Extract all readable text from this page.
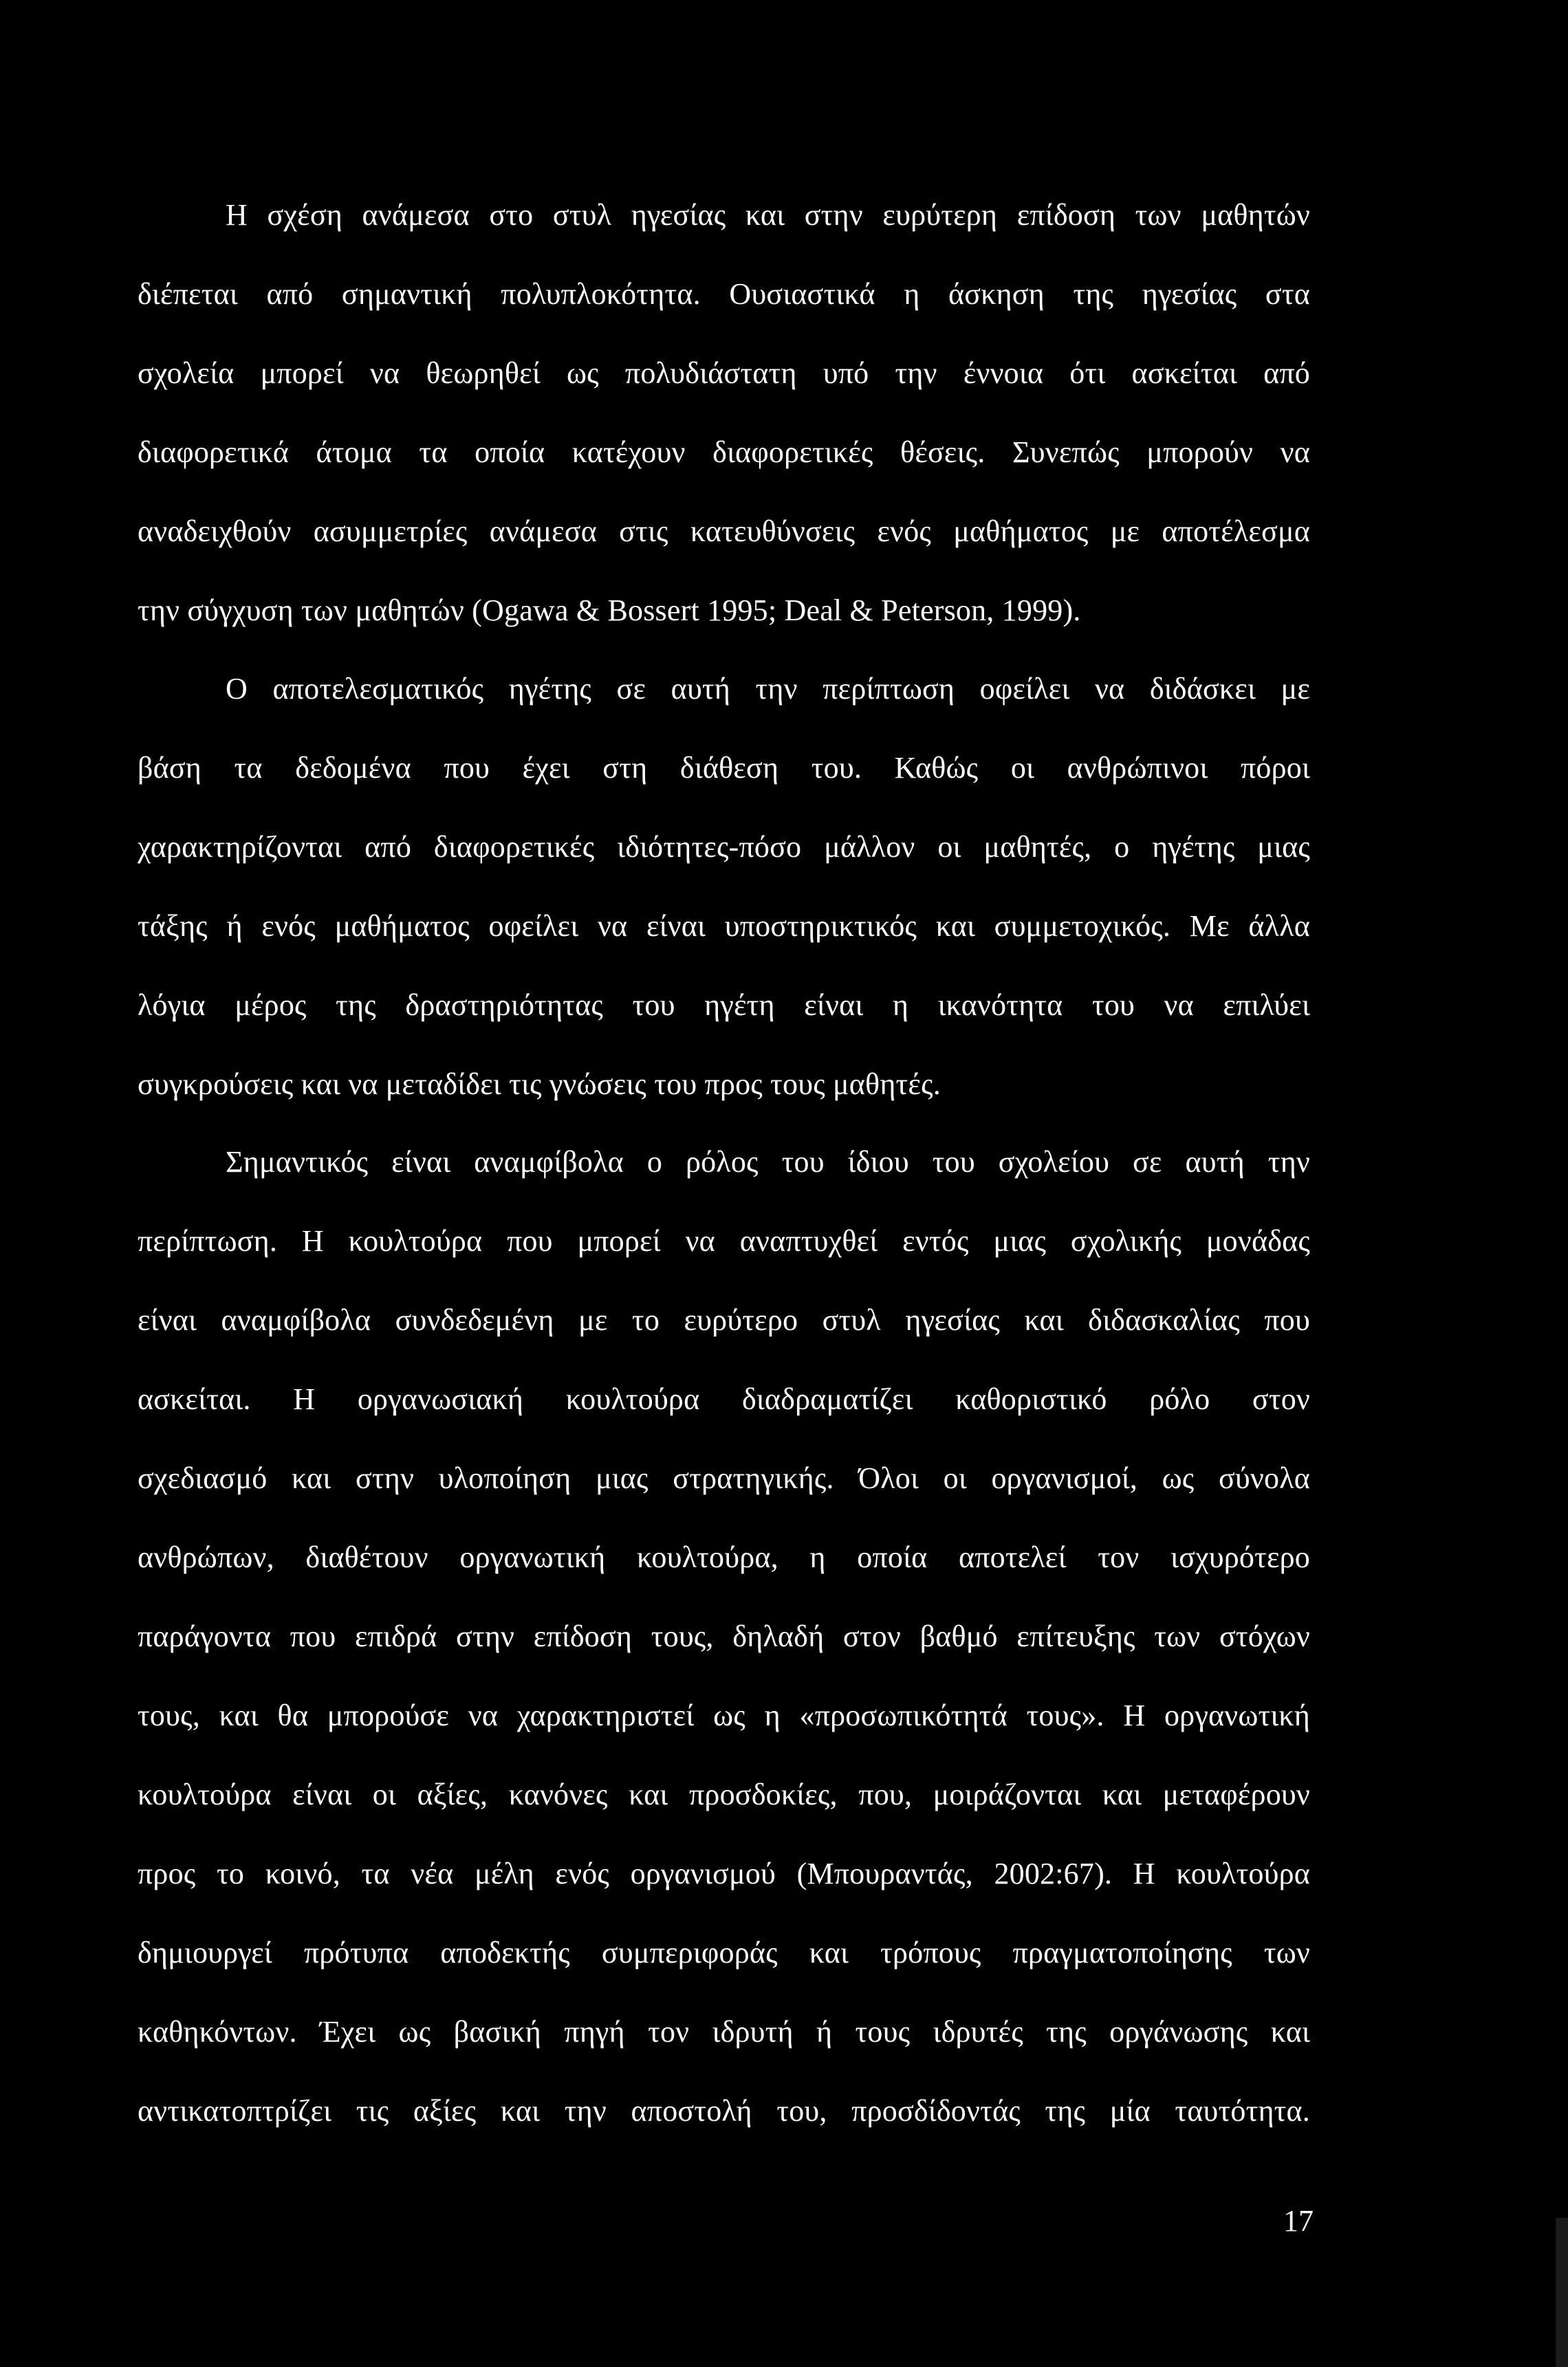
Η σχέση ανάμεσα στο στυλ ηγεσίας και στην ευρύτερη επίδοση των μαθητών
διέπεται από σημαντική πολυπλοκότητα. Ουσιαστικά η άσκηση της ηγεσίας στα
σχολεία μπορεί να θεωρηθεί ως πολυδιάστατη υπό την έννοια ότι ασκείται από
διαφορετικά άτομα τα οποία κατέχουν διαφορετικές θέσεις. Συνεπώς μπορούν να
αναδειχθούν ασυμμετρίες ανάμεσα στις κατευθύνσεις ενός μαθήματος με αποτέλεσμα
την σύγχυση των μαθητών (Ogawa & Bossert 1995; Deal & Peterson, 1999).
Ο αποτελεσματικός ηγέτης σε αυτή την περίπτωση οφείλει να διδάσκει με
βάση τα δεδομένα που έχει στη διάθεση του. Καθώς οι ανθρώπινοι πόροι
χαρακτηρίζονται από διαφορετικές ιδιότητες-πόσο μάλλον οι μαθητές, ο ηγέτης μιας
τάξης ή ενός μαθήματος οφείλει να είναι υποστηρικτικός και συμμετοχικός. Με άλλα
λόγια μέρος της δραστηριότητας του ηγέτη είναι η ικανότητα του να επιλύει
συγκρούσεις και να μεταδίδει τις γνώσεις του προς τους μαθητές.
Σημαντικός είναι αναμφίβολα ο ρόλος του ίδιου του σχολείου σε αυτή την
περίπτωση. Η κουλτούρα που μπορεί να αναπτυχθεί εντός μιας σχολικής μονάδας
είναι αναμφίβολα συνδεδεμένη με το ευρύτερο στυλ ηγεσίας και διδασκαλίας που
ασκείται. Η οργανωσιακή κουλτούρα διαδραματίζει καθοριστικό ρόλο στον
σχεδιασμό και στην υλοποίηση μιας στρατηγικής. Όλοι οι οργανισμοί, ως σύνολα
ανθρώπων, διαθέτουν οργανωτική κουλτούρα, η οποία αποτελεί τον ισχυρότερο
παράγοντα που επιδρά στην επίδοση τους, δηλαδή στον βαθμό επίτευξης των στόχων
τους, και θα μπορούσε να χαρακτηριστεί ως η «προσωπικότητά τους». Η οργανωτική
κουλτούρα είναι οι αξίες, κανόνες και προσδοκίες, που, μοιράζονται και μεταφέρουν
προς το κοινό, τα νέα μέλη ενός οργανισμού (Μπουραντάς, 2002:67). Η κουλτούρα
δημιουργεί πρότυπα αποδεκτής συμπεριφοράς και τρόπους πραγματοποίησης των
καθηκόντων. Έχει ως βασική πηγή τον ιδρυτή ή τους ιδρυτές της οργάνωσης και
αντικατοπτρίζει τις αξίες και την αποστολή του, προσδίδοντάς της μία ταυτότητα.
17
